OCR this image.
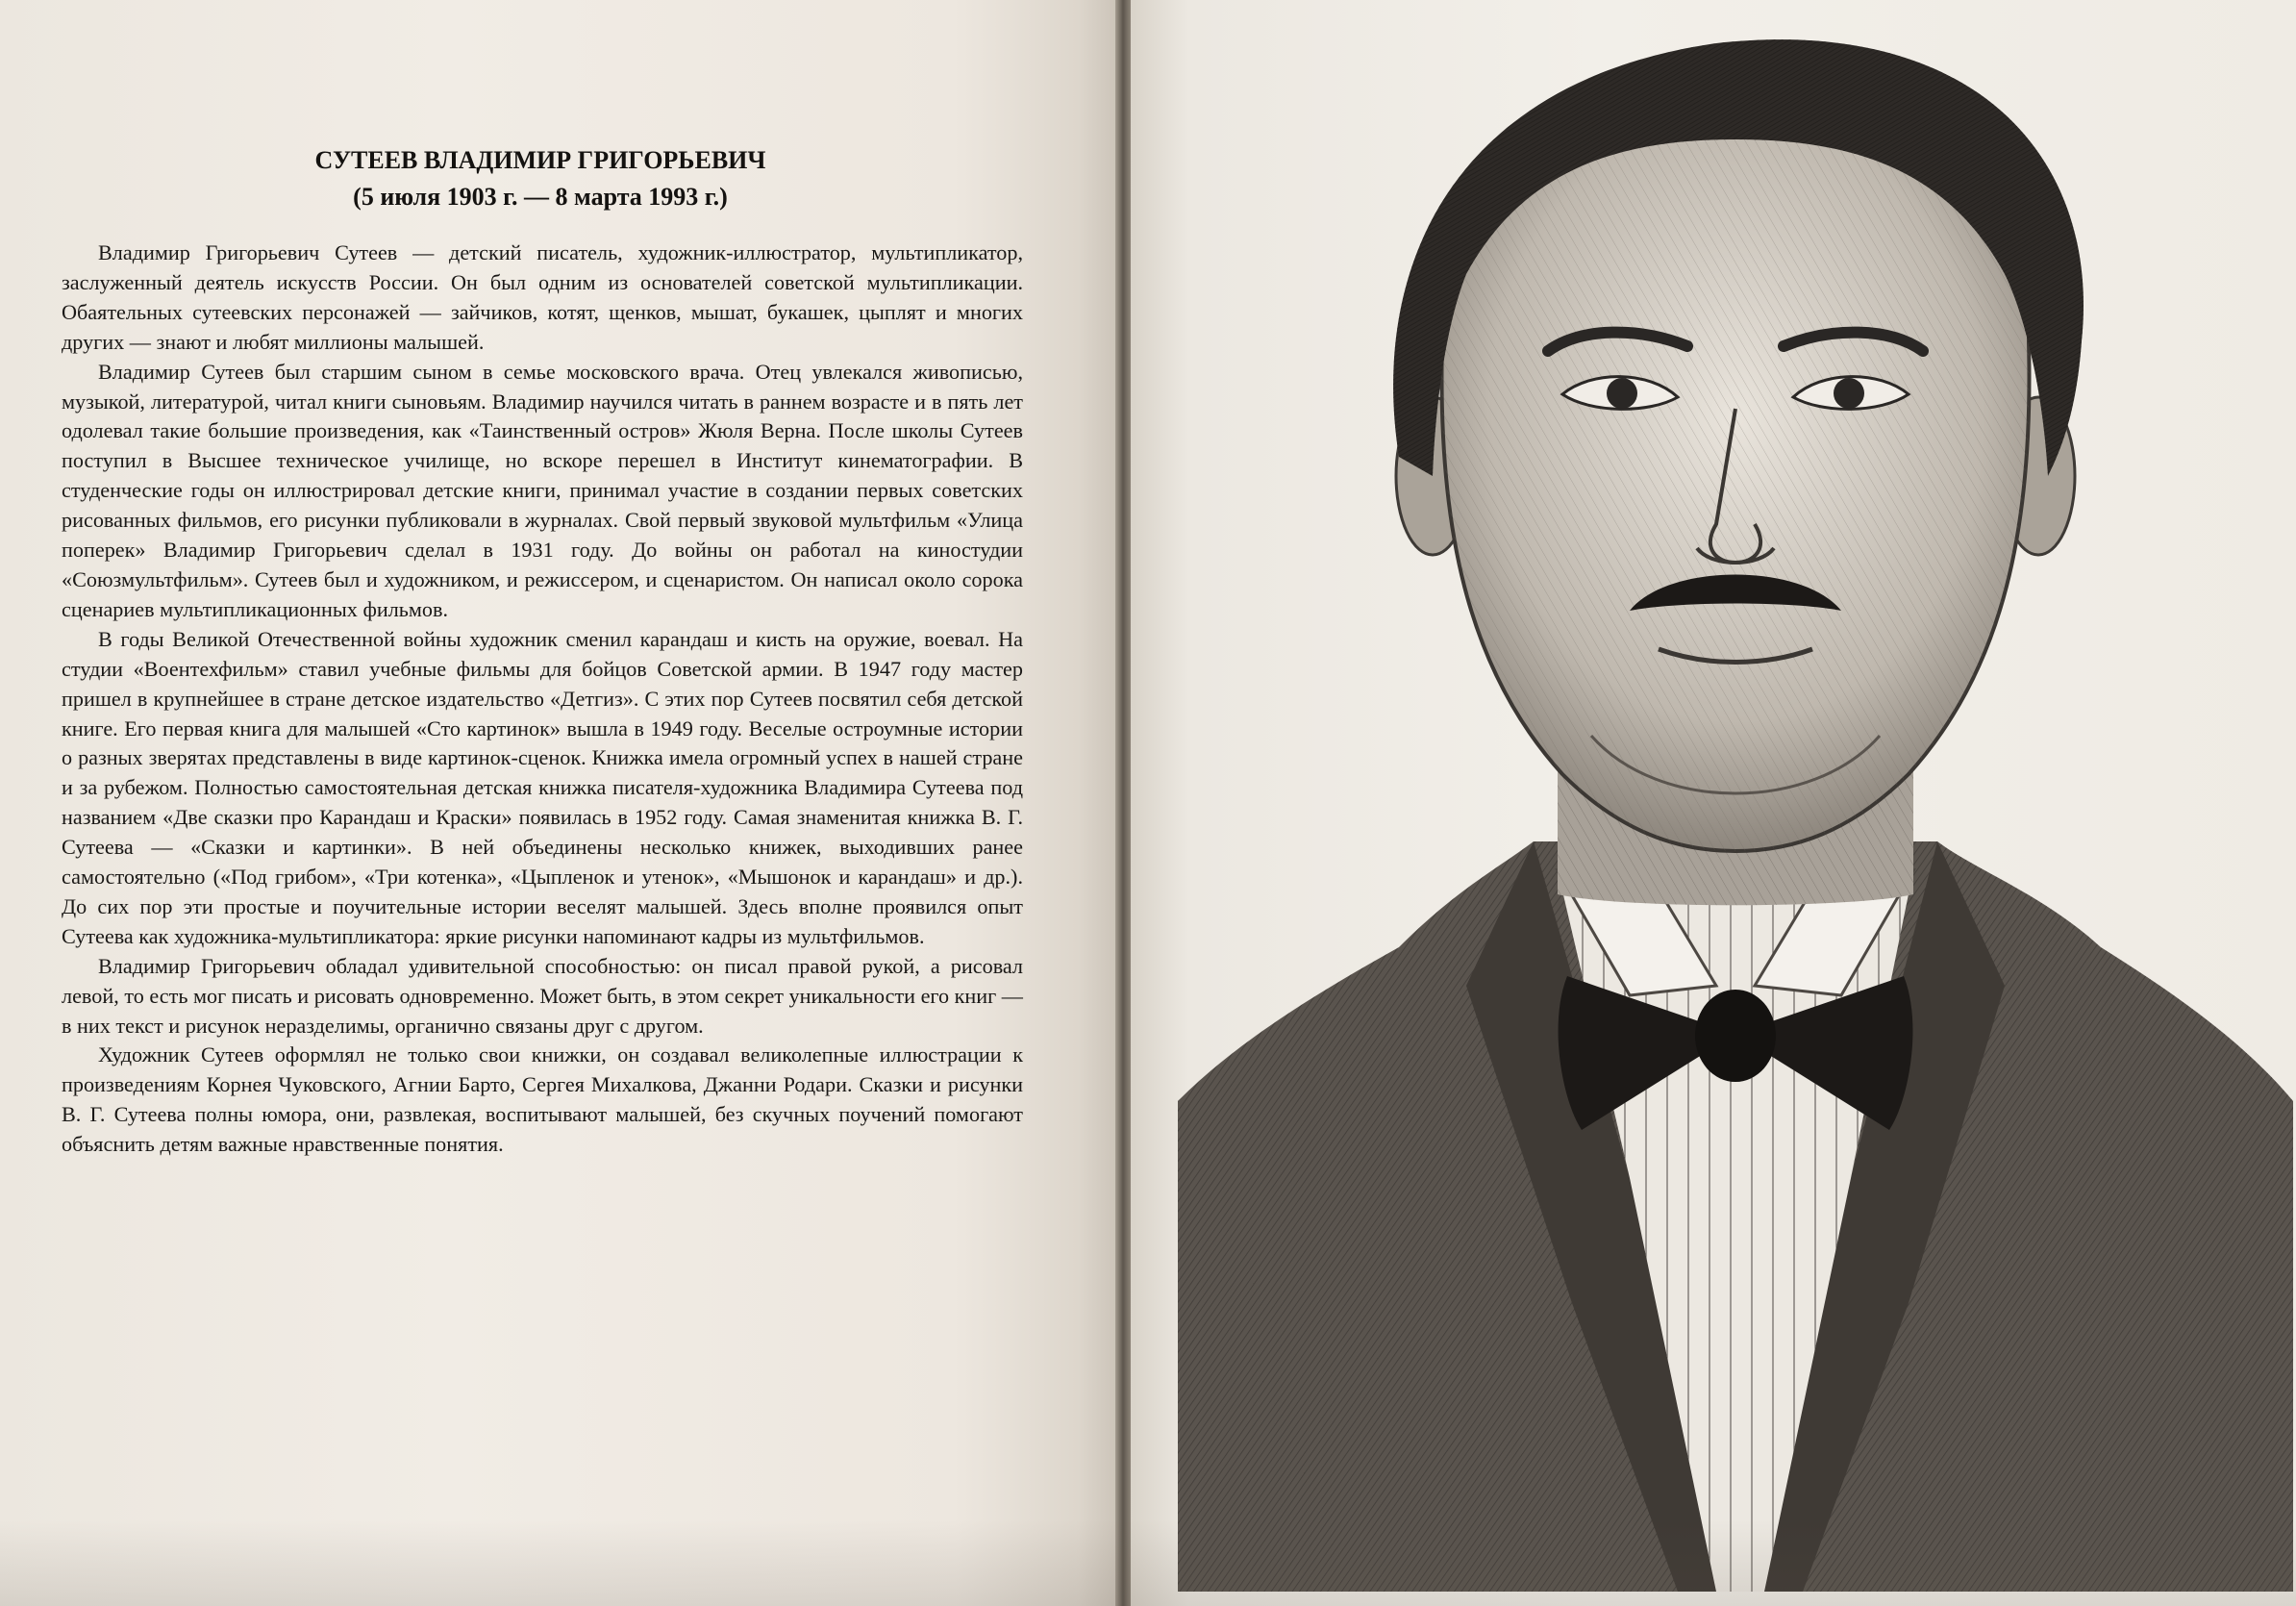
СУТЕЕВ ВЛАДИМИР ГРИГОРЬЕВИЧ
(5 июля 1903 г. — 8 марта 1993 г.)

Владимир Григорьевич Сутеев — детский писатель, художник-иллюстратор, мультипликатор, заслуженный деятель искусств России. Он был одним из основателей советской мультипликации. Обаятельных сутеевских персонажей — зайчиков, котят, щенков, мышат, букашек, цыплят и многих других — знают и любят миллионы малышей.

Владимир Сутеев был старшим сыном в семье московского врача. Отец увлекался живописью, музыкой, литературой, читал книги сыновьям. Владимир научился читать в раннем возрасте и в пять лет одолевал такие большие произведения, как «Таинственный остров» Жюля Верна. После школы Сутеев поступил в Высшее техническое училище, но вскоре перешел в Институт кинематографии. В студенческие годы он иллюстрировал детские книги, принимал участие в создании первых советских рисованных фильмов, его рисунки публиковали в журналах. Свой первый звуковой мультфильм «Улица поперек» Владимир Григорьевич сделал в 1931 году. До войны он работал на киностудии «Союзмультфильм». Сутеев был и художником, и режиссером, и сценаристом. Он написал около сорока сценариев мультипликационных фильмов.

В годы Великой Отечественной войны художник сменил карандаш и кисть на оружие, воевал. На студии «Воентехфильм» ставил учебные фильмы для бойцов Советской армии. В 1947 году мастер пришел в крупнейшее в стране детское издательство «Детгиз». С этих пор Сутеев посвятил себя детской книге. Его первая книга для малышей «Сто картинок» вышла в 1949 году. Веселые остроумные истории о разных зверятах представлены в виде картинок-сценок. Книжка имела огромный успех в нашей стране и за рубежом. Полностью самостоятельная детская книжка писателя-художника Владимира Сутеева под названием «Две сказки про Карандаш и Краски» появилась в 1952 году. Самая знаменитая книжка В. Г. Сутеева — «Сказки и картинки». В ней объединены несколько книжек, выходивших ранее самостоятельно («Под грибом», «Три котенка», «Цыпленок и утенок», «Мышонок и карандаш» и др.). До сих пор эти простые и поучительные истории веселят малышей. Здесь вполне проявился опыт Сутеева как художника-мультипликатора: яркие рисунки напоминают кадры из мультфильмов.

Владимир Григорьевич обладал удивительной способностью: он писал правой рукой, а рисовал левой, то есть мог писать и рисовать одновременно. Может быть, в этом секрет уникальности его книг — в них текст и рисунок неразделимы, органично связаны друг с другом.

Художник Сутеев оформлял не только свои книжки, он создавал великолепные иллюстрации к произведениям Корнея Чуковского, Агнии Барто, Сергея Михалкова, Джанни Родари. Сказки и рисунки В. Г. Сутеева полны юмора, они, развлекая, воспитывают малышей, без скучных поучений помогают объяснить детям важные нравственные понятия.
